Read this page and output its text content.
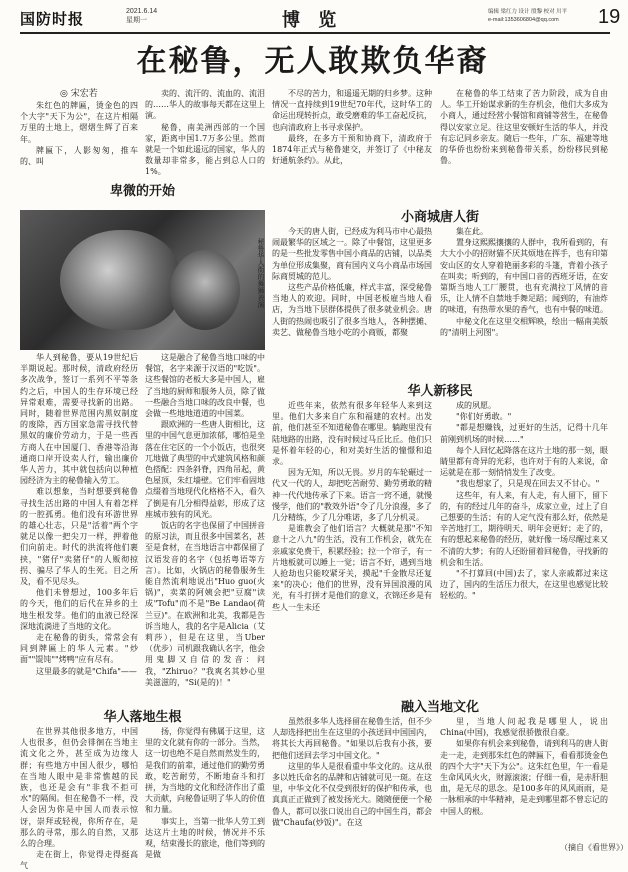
国防时报	2021.6.14
星期一	博 览	编辑 梁红力 设计 殷黎 校对 川平
e-mail:1353606804@qq.com	19
在秘鲁，无人敢欺负华裔
◎ 宋宏若

朱红色的牌匾，烫金色的四个大字"天下为公"，在这片相隔万里的土地上，熠熠生辉了百来年。

牌匾下，人影匆匆，推车的、叫

卖的、流汗的、流血的、流泪的……华人的故事每天都在这里上演。

秘鲁，南美洲西部的一个国家，距离中国1.7万多公里。然而就是一个如此遥远的国家，华人的数量却非常多，能占到总人口的1%。

卑微的开始
秘鲁华人街的舞狮表演

华人到秘鲁，要从19世纪后半期说起。那时候，清政府经历多次战争，签订一系列不平等条约之后，中国人的生存环境已经异常艰难，需要寻找新的出路。同时，随着世界范围内黑奴制度的废除，西方国家急需寻找代替黑奴的廉价劳动力，于是一些西方商人在中国厦门、香港等沿海通商口岸开设卖人行，输出廉价华人苦力，其中就包括向以种植园经济为主的秘鲁输入劳工。

难以想象，当时想要到秘鲁寻找生活出路的中国人有着怎样的一腔孤勇。他们没有环游世界的雄心壮志，只是"活着"两个字就足以像一把尖刀一样，押着他们向前走。时代的洪流将他们裹挟，"猪仔"卖猪仔"的人贩彻掠拐、骗尽了华人的生死。目之所及，看不见尽头。

他们未曾想过，100多年后的今天，他们的后代在异乡的土地生根发芽。他们的血液已经深深地流淌进了当地的文化。

走在秘鲁的街头，常常会有同到牌匾上的华人元素。"炒面""馄饨""烤鸭"应有尽有。

这里最多的就是"Chifa"——

这是融合了秘鲁当地口味的中餐馆，名字来源于汉语的"吃饭"。这些餐馆的老板大多是中国人，雇了当地的厨师和服务人员，除了做一些融合当地口味的改良中餐，也会做一些地地道道的中国菜。

跟欧洲的一些唐人街相比，这里的中国气息更加浓郁，哪怕是坐落在住宅区的一个小饭店，也很突兀地做了典型的中式建筑风格和颜色搭配：四条斜脊，四角吊起，黄色屋顶，朱红墙壁。它们牢看固地点缀着当地现代化格格不入，看久了倒是有几分相得益彰，形成了这座城市独有的风光。

饭店的名字也保留了中国拼音的原习法，而且很多中国菜名，甚至是食材，在当地语言中都保留了汉语发音的名字（包括粤语等方言）。比如，火锅店的秘鲁服务生能自然流利地说出"Huo guo(火锅)"，卖菜的阿姨会把"豆腐"读成"Tofu"而不是"Be Landao(荷兰豆)"。在欧洲和北美，我都是告诉当地人，我的名字是Alicia（艾莉莎），但是在这里，当Uber（优步）司机跟我确认名字，他会用鬼脚又自信的发音：问我，"Zhiruo？"我爽名其妙心里美滋滋的，"Si(是的)！"

华人落地生根

在世界其他很多地方，中国人也很多，但仍会徘徊在当地主流文化之外，甚至成为边缘人群；有些地方中国人很少，哪怕在当地人眼中是非常憔越的民族，也还是会有"非我不拒可水"的隔阂。但在秘鲁不一样，没人会因为你是中国人而表示惊讶，崇拜或轻视，你所存在，是那么的寻常，那么的自然，又那么的合理。

走在街上，你觉得走得挺高气

扬，你觉得有佛属于这里，这里的文化就有你的一部分。当然，这一切也绝不是自然而然发生的，是我们的前辈，通过他们的勤劳勇敢，吃苦耐劳，不断地奋斗和打拼，为当地的文化和经济作出了重大贡献，向秘鲁证明了华人的价值和力量。

事实上，当第一批华人劳工到达这片土地的时候，情况并不乐观，结束漫长的旅途，他们等到的是做

不尽的苦力，和遥遥无期的归乡梦。这种情况一直持续到19世纪70年代，这时华工的命运出现转折点，敢受磨难的华工奋起反抗，也向清政府上书寻求保护。

最终，在多方干预和协商下，清政府于1874年正式与秘鲁建交，并签订了《中秘友好通航条约》。从此，

在秘鲁的华工结束了苦力阶段，成为自由人。华工开始谋求新的生存机会，他们大多成为小商人，通过经营小餐馆和商铺等营生，在秘鲁得以安家立足。往这里安顿好生活的华人，并没有忘记同乡亲友。随后一些年，广东、福建等地的华侨也纷纷来到秘鲁带关系，纷纷移民到秘鲁。

小商城唐人街

今天的唐人街，已经成为利马市中心最热闹最繁华的区域之一。除了中餐馆，这里更多的是一些批发零售中国小商品的店铺，以品类为单位形成集聚，商有国内义乌小商品市场国际商贸城的范儿。

这些产品价格低廉，样式丰富，深受秘鲁当地人的欢迎。同时，中国老板雇当地人看店，为当地下层群体提供了很多就业机会。唐人街的热闹也吸引了很多当地人，各种摆摊、卖艺、做秘鲁当地小吃的小商贩，都聚

集在此。

置身这熙熙攘攘的人群中，我所看到的，有大大小小的招财猫不厌其烦地在挥手，也有印第安山区的女人穿着艳丽多彩的斗篷，背着小孩子在叫卖；听到的，有中国口音的西班牙语，在安第斯当地人工厂腰贯，也有充满拉丁风情的音乐，让人情不自禁地手舞足蹈；闻到的，有油炸的味道，有热带水果的香气，也有中餐的味道。

中秘文化在这里交相辉映，绘出一幅南美版的"清明上河图"。

华人新移民

近些年来，依然有很多年轻华人来到这里。他们大多来自广东和福建的农村。出发前，他们甚至不知道秘鲁在哪里。躺跑里没有陆地路的出路，没有时候过马丘比丘。他们只是怀着年轻的心，和对美好生活的憧憬和追求。

因为无知，所以无畏。岁月的车轮碾过一代又一代的人，却把吃苦耐劳、勤劳勇敢的精神一代代地传承了下来。语言一窍不通，就慢慢学，他们的"教效外语"令了几分浪漫，多了几分精练，少了几分唯诺，多了几分机灵。

是谁教会了他们语言？大概就是那"不知意十之八九"的生活，没有工作机会，就先在亲戚家免费干，积累经验；拉一个帘子，有一片地板就可以睡上一觉；语言不好，遇到当地人抢劫也只能咬紧牙关，摸起"千金散尽还复来"的决心；他们的世界，没有异国浪漫的风光，有斗打拼才是他们的意义，衣锦还乡是有些人一生未还

成的夙愿。

"你们好勇敢。"

"都是想赚钱，过更好的生活，记得十几年前刚到机场的时候……"

每个人回忆起降落在这片土地的那一刻，眼睛里都有奇异的光彩，也许对于有的人来说，命运就是在那一刻悄悄发生了改变。

"我也想家了，只是现在回去又不甘心。"

这些年，有人来，有人走，有人留下，留下的，有的经过几年的奋斗，成家立业，过上了自己想要的生活；有的人定气没有那么好，依然是辛苦地打工，期待明天、明年会更好；走了的，有的想起来秘鲁的经历，就好像一场尽醒过来又不清的大梦；有的人还盼留着回秘鲁，寻找新的机会和生活。

"不打算回(中国)去了，家人亲戚都过来这边了，国内的生活压力很大，在这里也感觉比较轻松的。"

融入当地文化

虽然很多华人选择留在秘鲁生活，但不少人却选择把出生在这里的小孩送回中国国内，将其长大再回秘鲁。"如果以后我有小孩，要把他们送回去学习中国文化。"

这里的华人是很看重中华文化的。这从很多以姓氏命名的品牌和店铺就可见一斑。在这里，中华文化不仅受到很好的保护和传承，也真真正正做到了被发扬光大。随随便便一个秘鲁人，都可以张口说出自己的中国生肖，都会做"Chaufa(炒饭)"。在这

里，当地人问起我是哪里人，说出China(中国)，我感觉很骄傲很自豪。

如果你有机会来到秘鲁，请到利马的唐人街走一走，走到那朱红色的牌匾下，看看那烫金色的四个大字"天下为公"。这朱红色里，午一看是生命风风火火，财源滚滚；仔细一看，是赤肝胆血，是无尽的思念。是100多年的风风雨雨，是一脉相承的中华精神，是走到哪里都不曾忘记的中国人的根。

（摘自《看世界》）
